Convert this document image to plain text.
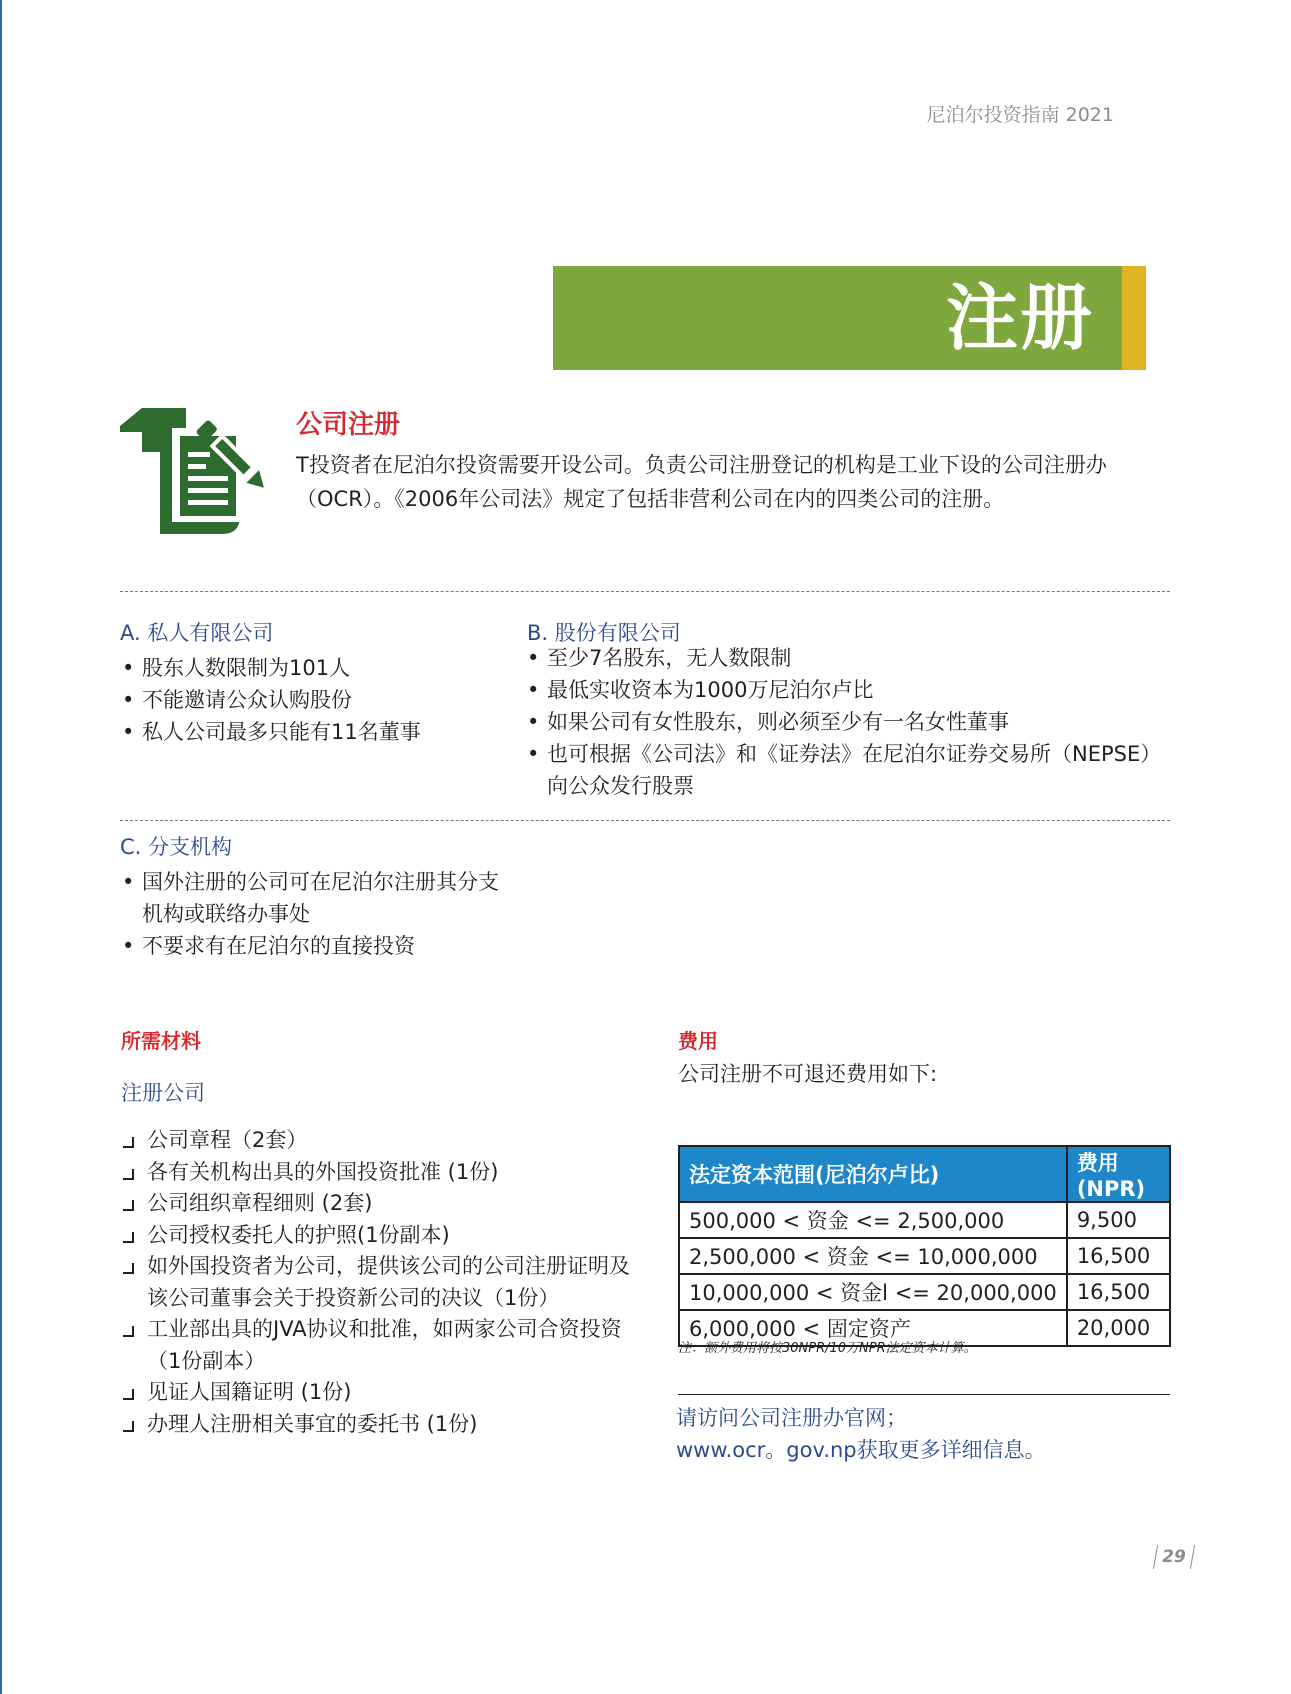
尼泊尔投资指南 2021
注册
公司注册
T投资者在尼泊尔投资需要开设公司。负责公司注册登记的机构是工业下设的公司注册办（OCR）。《2006年公司法》规定了包括非营利公司在内的四类公司的注册。
A. 私人有限公司
• 股东人数限制为101人
• 不能邀请公众认购股份
• 私人公司最多只能有11名董事
B. 股份有限公司
• 至少7名股东，无人数限制
• 最低实收资本为1000万尼泊尔卢比
• 如果公司有女性股东，则必须至少有一名女性董事
• 也可根据《公司法》和《证券法》在尼泊尔证券交易所（NEPSE）向公众发行股票
C. 分支机构
• 国外注册的公司可在尼泊尔注册其分支机构或联络办事处
• 不要求有在尼泊尔的直接投资
所需材料
注册公司
公司章程（2套）
各有关机构出具的外国投资批准 (1份)
公司组织章程细则 (2套)
公司授权委托人的护照(1份副本)
如外国投资者为公司，提供该公司的公司注册证明及该公司董事会关于投资新公司的决议（1份）
工业部出具的JVA协议和批准，如两家公司合资投资（1份副本）
见证人国籍证明 (1份)
办理人注册相关事宜的委托书 (1份)
费用
公司注册不可退还费用如下:
法定资本范围(尼泊尔卢比)	费用 (NPR)
500,000 < 资金 <= 2,500,000	9,500
2,500,000 < 资金 <= 10,000,000	16,500
10,000,000 < 资金l <= 20,000,000	16,500
6,000,000 < 固定资产	20,000
注：额外费用将按30NPR/10万NPR法定资本计算。
请访问公司注册办官网；
www.ocr。gov.np获取更多详细信息。
29
